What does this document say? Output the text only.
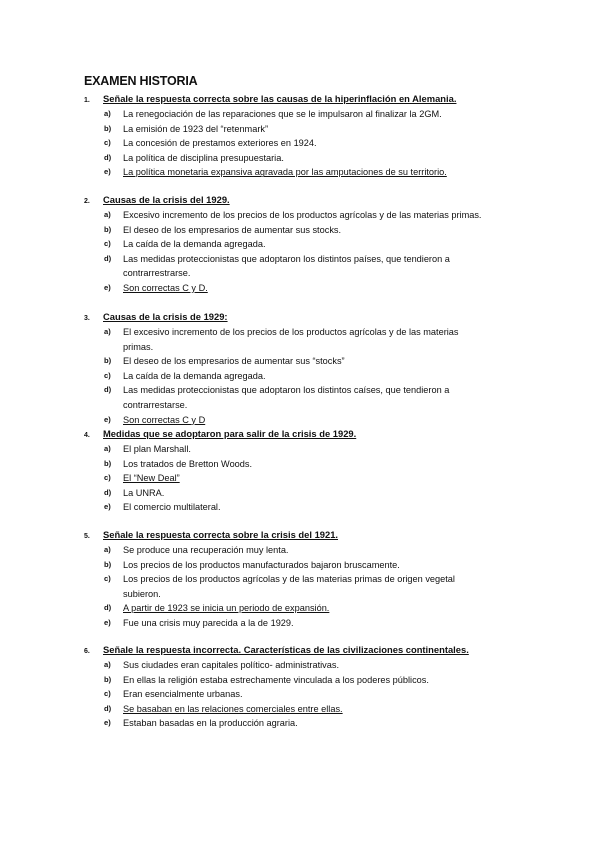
EXAMEN HISTORIA
1.	Señale la respuesta correcta sobre las causas de la hiperinflación en Alemania.
a)	La renegociación de las reparaciones que se le impulsaron al finalizar la 2GM.
b)	La emisión de 1923 del “retenmark”
c)	La concesión de prestamos exteriores en 1924.
d)	La política de disciplina presupuestaria.
e)	La política monetaria expansiva agravada por las amputaciones de su territorio.
2.	Causas de la crisis del 1929.
a)	Excesivo incremento de los precios de los productos agrícolas y de las materias primas.
b)	El deseo de los empresarios de aumentar sus stocks.
c)	La caída de la demanda agregada.
d)	Las medidas proteccionistas que adoptaron los distintos países, que tendieron a contrarrestrarse.
e)	Son correctas C y D.
3.	Causas de la crisis de 1929:
a)	El excesivo incremento de los precios de los productos agrícolas y de las materias primas.
b)	El deseo de los empresarios de aumentar sus “stocks”
c)	La caída de la demanda agregada.
d)	Las medidas proteccionistas que adoptaron los distintos caíses, que tendieron a contrarrestarse.
e)	Son correctas C y D
4.	Medidas que se adoptaron para salir de la crisis de 1929.
a)	El plan Marshall.
b)	Los tratados de Bretton Woods.
c)	El “New Deal”
d)	La UNRA.
e)	El comercio multilateral.
5.	Señale la respuesta correcta sobre la crisis del 1921.
a)	Se produce una recuperación muy lenta.
b)	Los precios de los productos manufacturados bajaron bruscamente.
c)	Los precios de los productos agrícolas y de las materias primas de origen vegetal subieron.
d)	A partir de 1923 se inicia un periodo de expansión.
e)	Fue una crisis muy parecida a la de 1929.
6.	Señale la respuesta incorrecta. Características de las civilizaciones continentales.
a)	Sus ciudades eran capitales político- administrativas.
b)	En ellas la religión estaba estrechamente vinculada a los poderes públicos.
c)	Eran esencialmente urbanas.
d)	Se basaban en las relaciones comerciales entre ellas.
e)	Estaban basadas en la producción agraria.
